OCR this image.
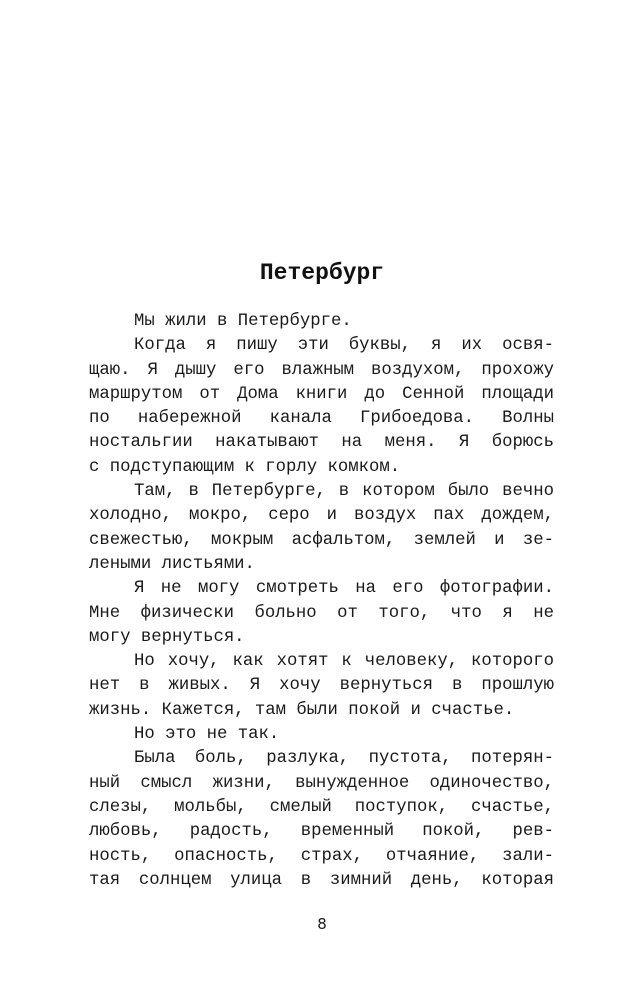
Петербург
Мы жили в Петербурге.
Когда я пишу эти буквы, я их освя-
щаю. Я дышу его влажным воздухом, прохожу
маршрутом от Дома книги до Сенной площади
по набережной канала Грибоедова. Волны
ностальгии накатывают на меня. Я борюсь
с подступающим к горлу комком.
Там, в Петербурге, в котором было вечно
холодно, мокро, серо и воздух пах дождем,
свежестью, мокрым асфальтом, землей и зе-
леными листьями.
Я не могу смотреть на его фотографии.
Мне физически больно от того, что я не
могу вернуться.
Но хочу, как хотят к человеку, которого
нет в живых. Я хочу вернуться в прошлую
жизнь. Кажется, там были покой и счастье.
Но это не так.
Была боль, разлука, пустота, потерян-
ный смысл жизни, вынужденное одиночество,
слезы, мольбы, смелый поступок, счастье,
любовь, радость, временный покой, рев-
ность, опасность, страх, отчаяние, зали-
тая солнцем улица в зимний день, которая
8
